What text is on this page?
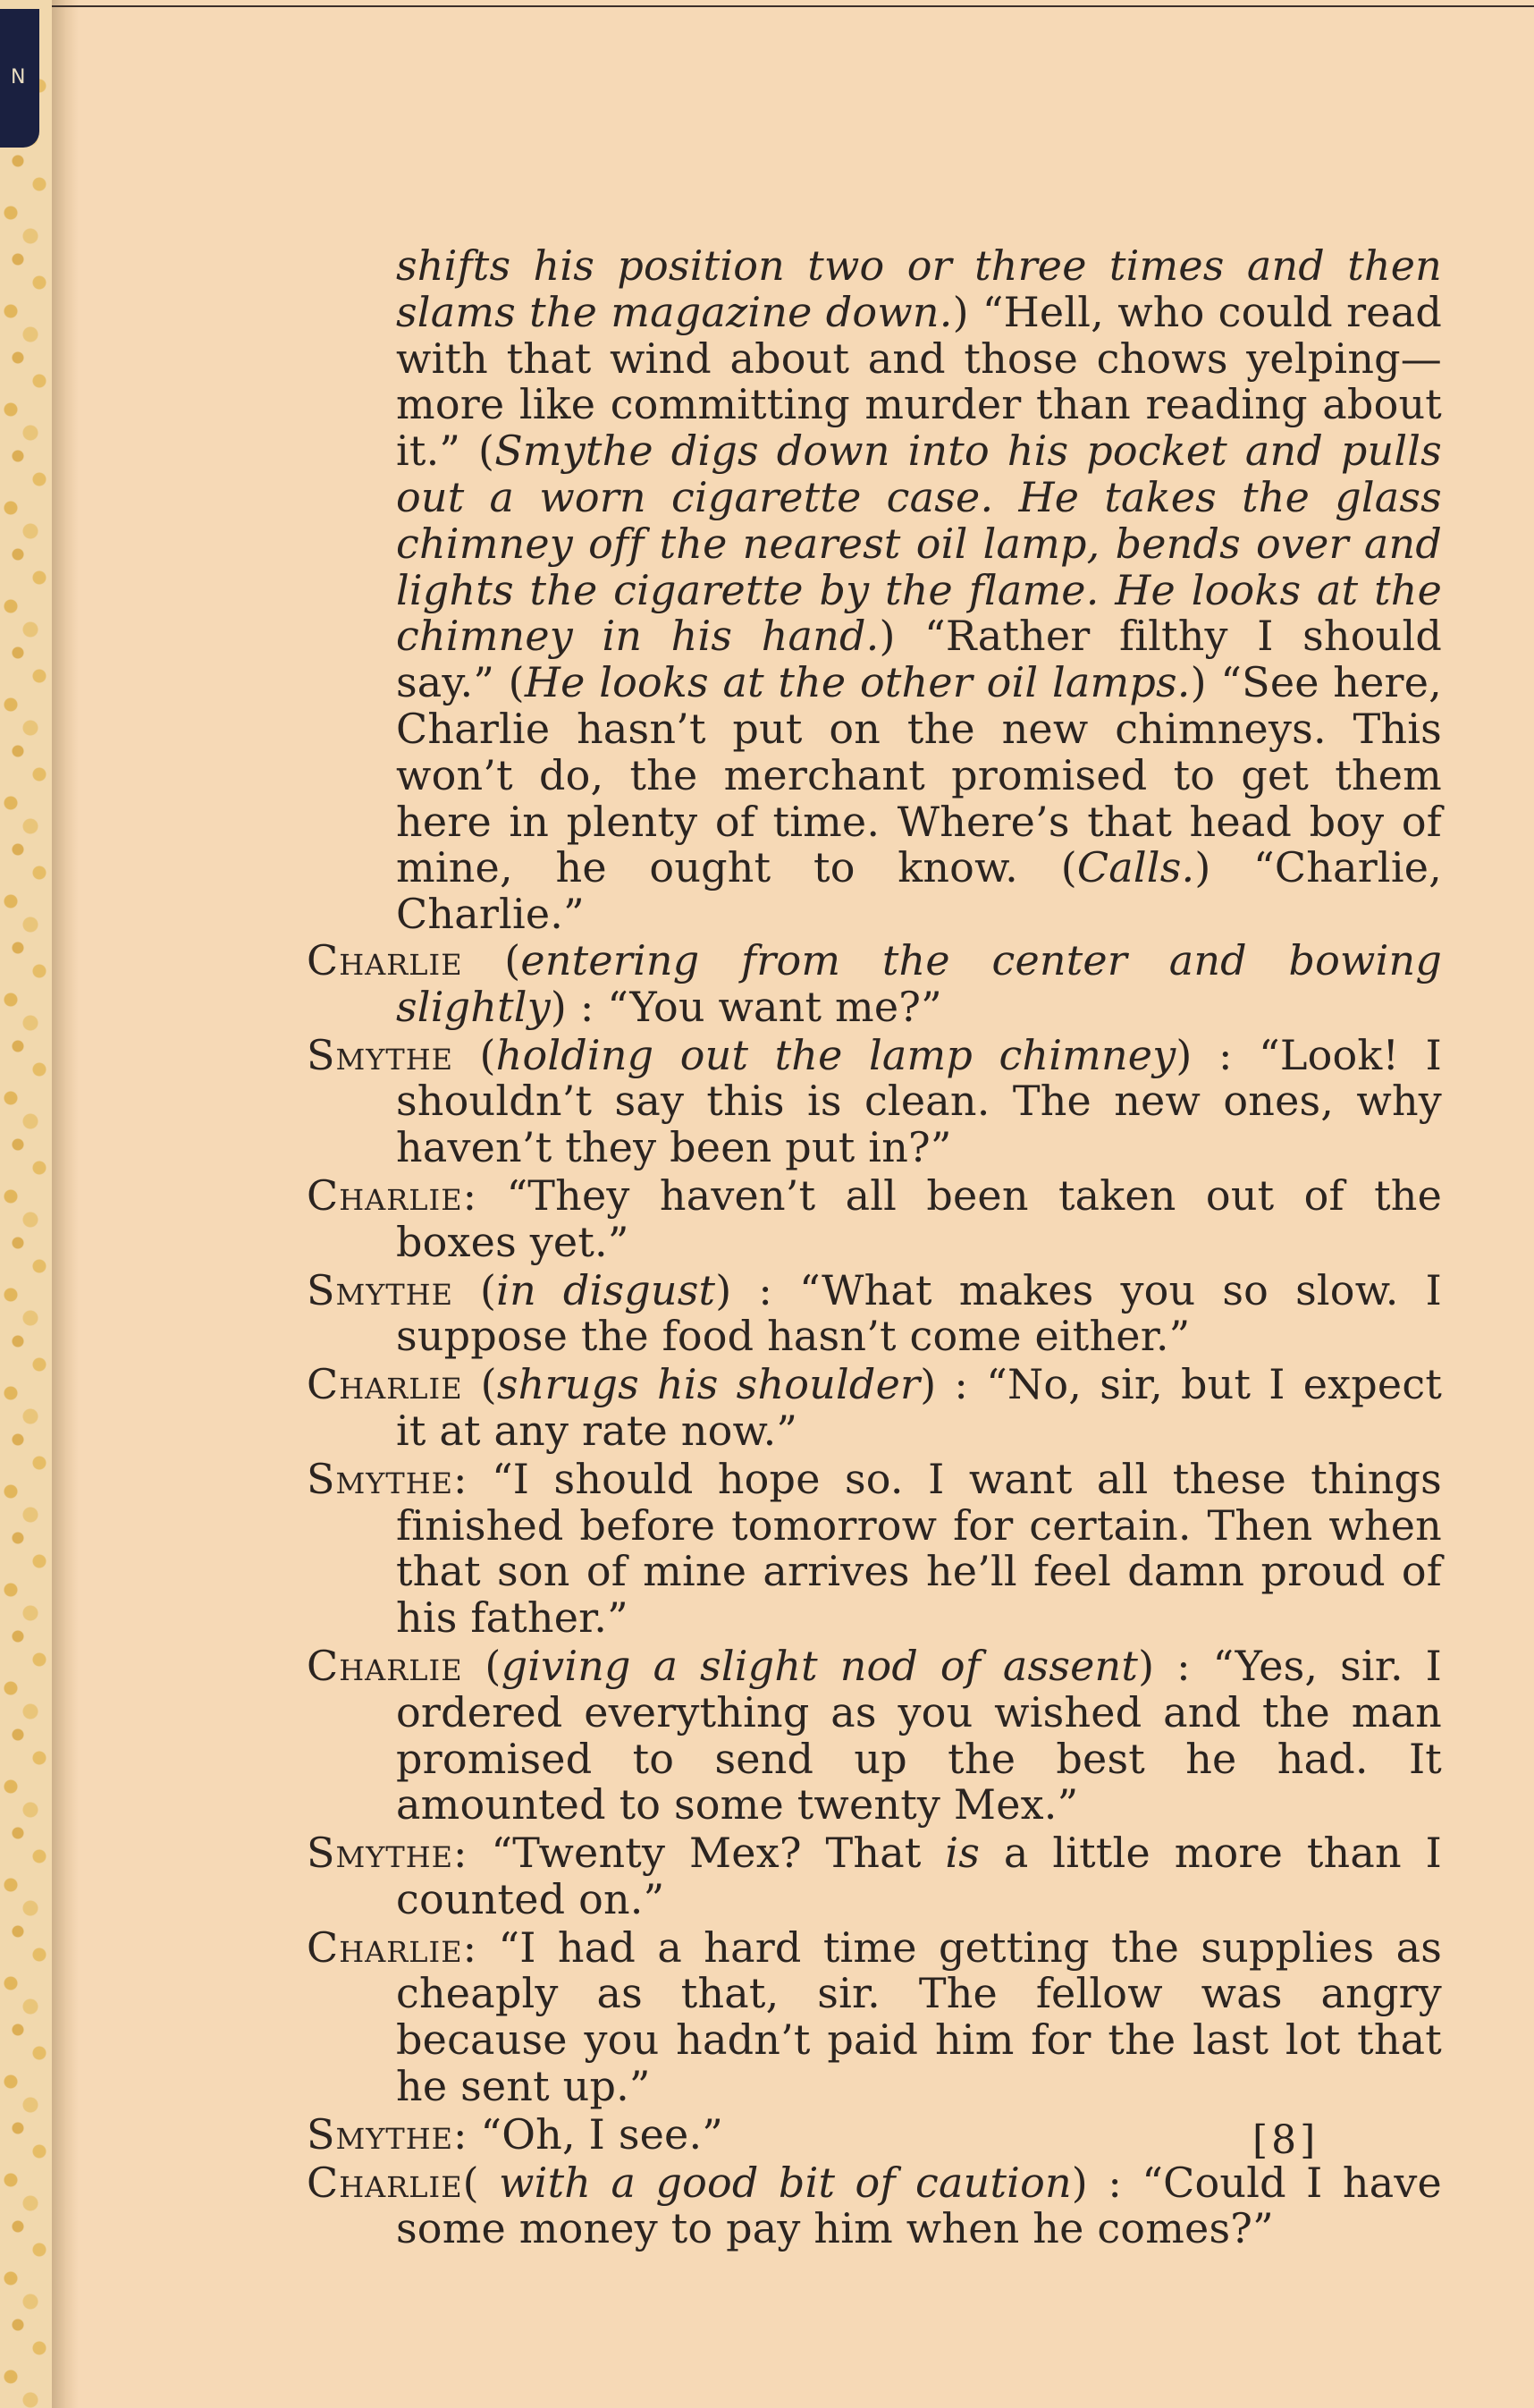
N

shifts his position two or three times and then slams the magazine down.) “Hell, who could read with that wind about and those chows yelping—more like committing murder than reading about it.” (Smythe digs down into his pocket and pulls out a worn cigarette case. He takes the glass chimney off the nearest oil lamp, bends over and lights the cigarette by the flame. He looks at the chimney in his hand.) “Rather filthy I should say.” (He looks at the other oil lamps.) “See here, Charlie hasn’t put on the new chimneys. This won’t do, the merchant promised to get them here in plenty of time. Where’s that head boy of mine, he ought to know. (Calls.) “Charlie, Charlie.”

Charlie (entering from the center and bowing slightly) : “You want me?”

Smythe (holding out the lamp chimney) : “Look! I shouldn’t say this is clean. The new ones, why haven’t they been put in?”

Charlie: “They haven’t all been taken out of the boxes yet.”

Smythe (in disgust) : “What makes you so slow. I suppose the food hasn’t come either.”

Charlie (shrugs his shoulder) : “No, sir, but I expect it at any rate now.”

Smythe: “I should hope so. I want all these things finished before tomorrow for certain. Then when that son of mine arrives he’ll feel damn proud of his father.”

Charlie (giving a slight nod of assent) : “Yes, sir. I ordered everything as you wished and the man promised to send up the best he had. It amounted to some twenty Mex.”

Smythe: “Twenty Mex? That is a little more than I counted on.”

Charlie: “I had a hard time getting the supplies as cheaply as that, sir. The fellow was angry because you hadn’t paid him for the last lot that he sent up.”

Smythe: “Oh, I see.”

Charlie( with a good bit of caution) : “Could I have some money to pay him when he comes?”

[8]
